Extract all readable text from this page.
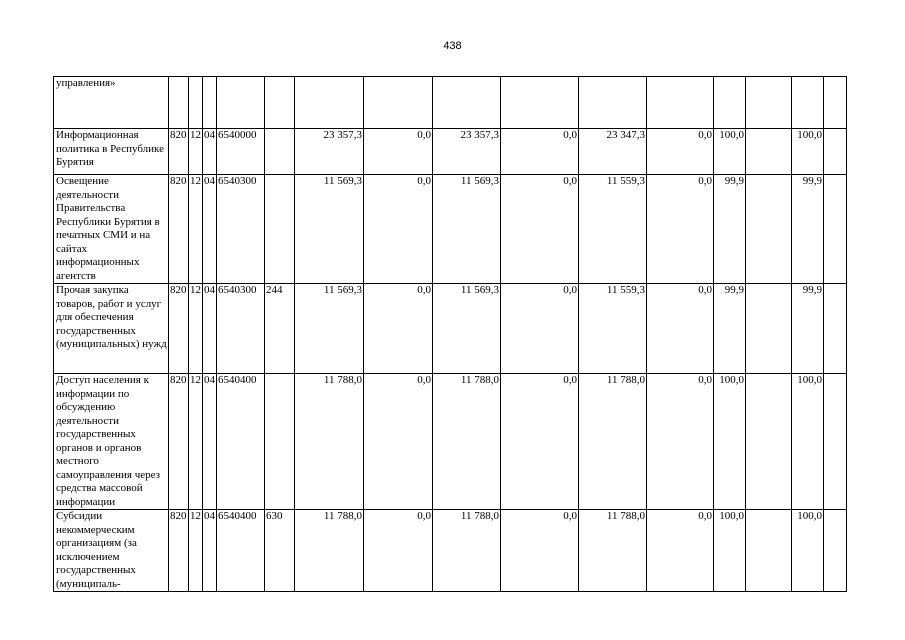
438
управления»															
Информационная политика в Республике Бурятия	820	12	04	6540000		23 357,3	0,0	23 357,3	0,0	23 347,3	0,0	100,0		100,0	
Освещение деятельности Правительства Республики Бурятия в печатных СМИ и на сайтах информационных агентств	820	12	04	6540300		11 569,3	0,0	11 569,3	0,0	11 559,3	0,0	99,9		99,9	
Прочая закупка товаров, работ и услуг для обеспечения государственных (муниципальных) нужд	820	12	04	6540300	244	11 569,3	0,0	11 569,3	0,0	11 559,3	0,0	99,9		99,9	
Доступ населения к информации по обсуждению деятельности государственных органов и органов местного самоуправления через средства массовой информации	820	12	04	6540400		11 788,0	0,0	11 788,0	0,0	11 788,0	0,0	100,0		100,0	
Субсидии некоммерческим организациям (за исключением государственных (муниципаль-	820	12	04	6540400	630	11 788,0	0,0	11 788,0	0,0	11 788,0	0,0	100,0		100,0	
